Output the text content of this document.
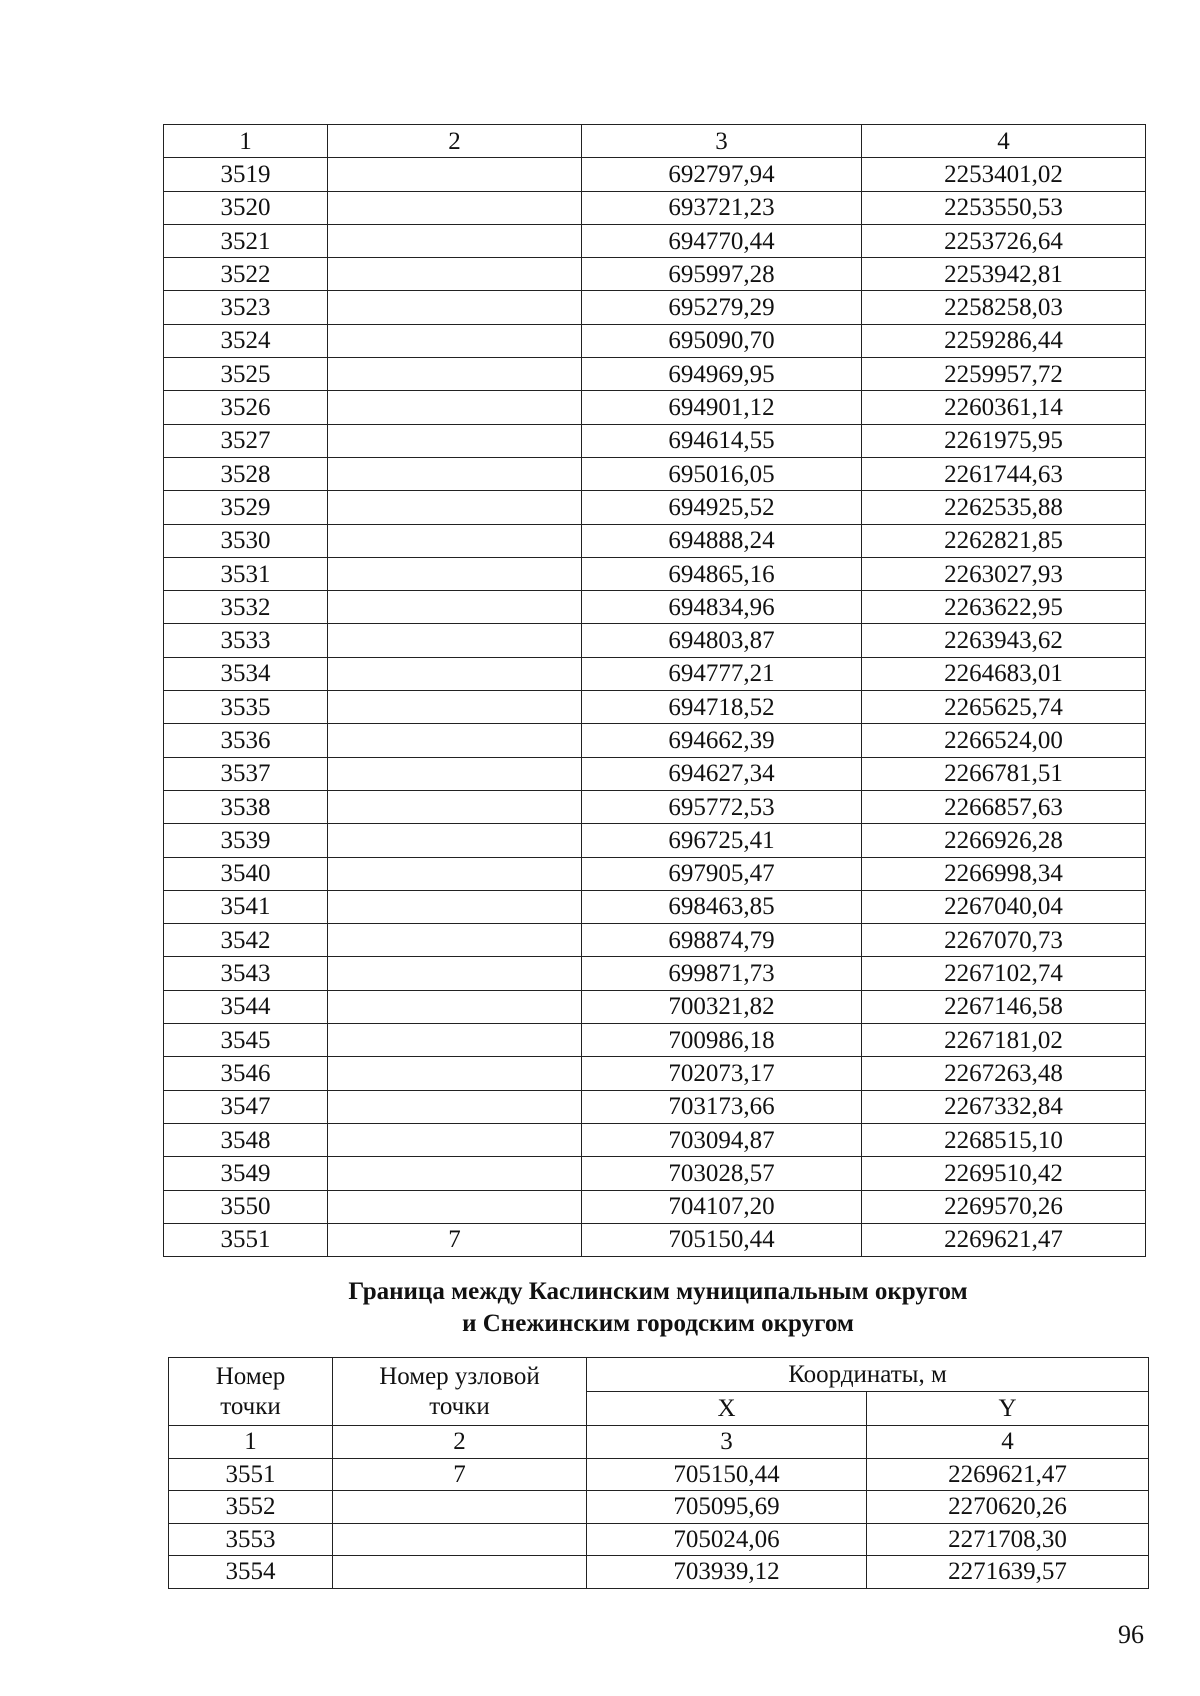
1	2	3	4
3519		692797,94	2253401,02
3520		693721,23	2253550,53
3521		694770,44	2253726,64
3522		695997,28	2253942,81
3523		695279,29	2258258,03
3524		695090,70	2259286,44
3525		694969,95	2259957,72
3526		694901,12	2260361,14
3527		694614,55	2261975,95
3528		695016,05	2261744,63
3529		694925,52	2262535,88
3530		694888,24	2262821,85
3531		694865,16	2263027,93
3532		694834,96	2263622,95
3533		694803,87	2263943,62
3534		694777,21	2264683,01
3535		694718,52	2265625,74
3536		694662,39	2266524,00
3537		694627,34	2266781,51
3538		695772,53	2266857,63
3539		696725,41	2266926,28
3540		697905,47	2266998,34
3541		698463,85	2267040,04
3542		698874,79	2267070,73
3543		699871,73	2267102,74
3544		700321,82	2267146,58
3545		700986,18	2267181,02
3546		702073,17	2267263,48
3547		703173,66	2267332,84
3548		703094,87	2268515,10
3549		703028,57	2269510,42
3550		704107,20	2269570,26
3551	7	705150,44	2269621,47
Граница между Каслинским муниципальным округом
и Снежинским городским округом
Номер точки	Номер узловой точки	Координаты, м	
		X	Y
1	2	3	4
3551	7	705150,44	2269621,47
3552		705095,69	2270620,26
3553		705024,06	2271708,30
3554		703939,12	2271639,57
96
